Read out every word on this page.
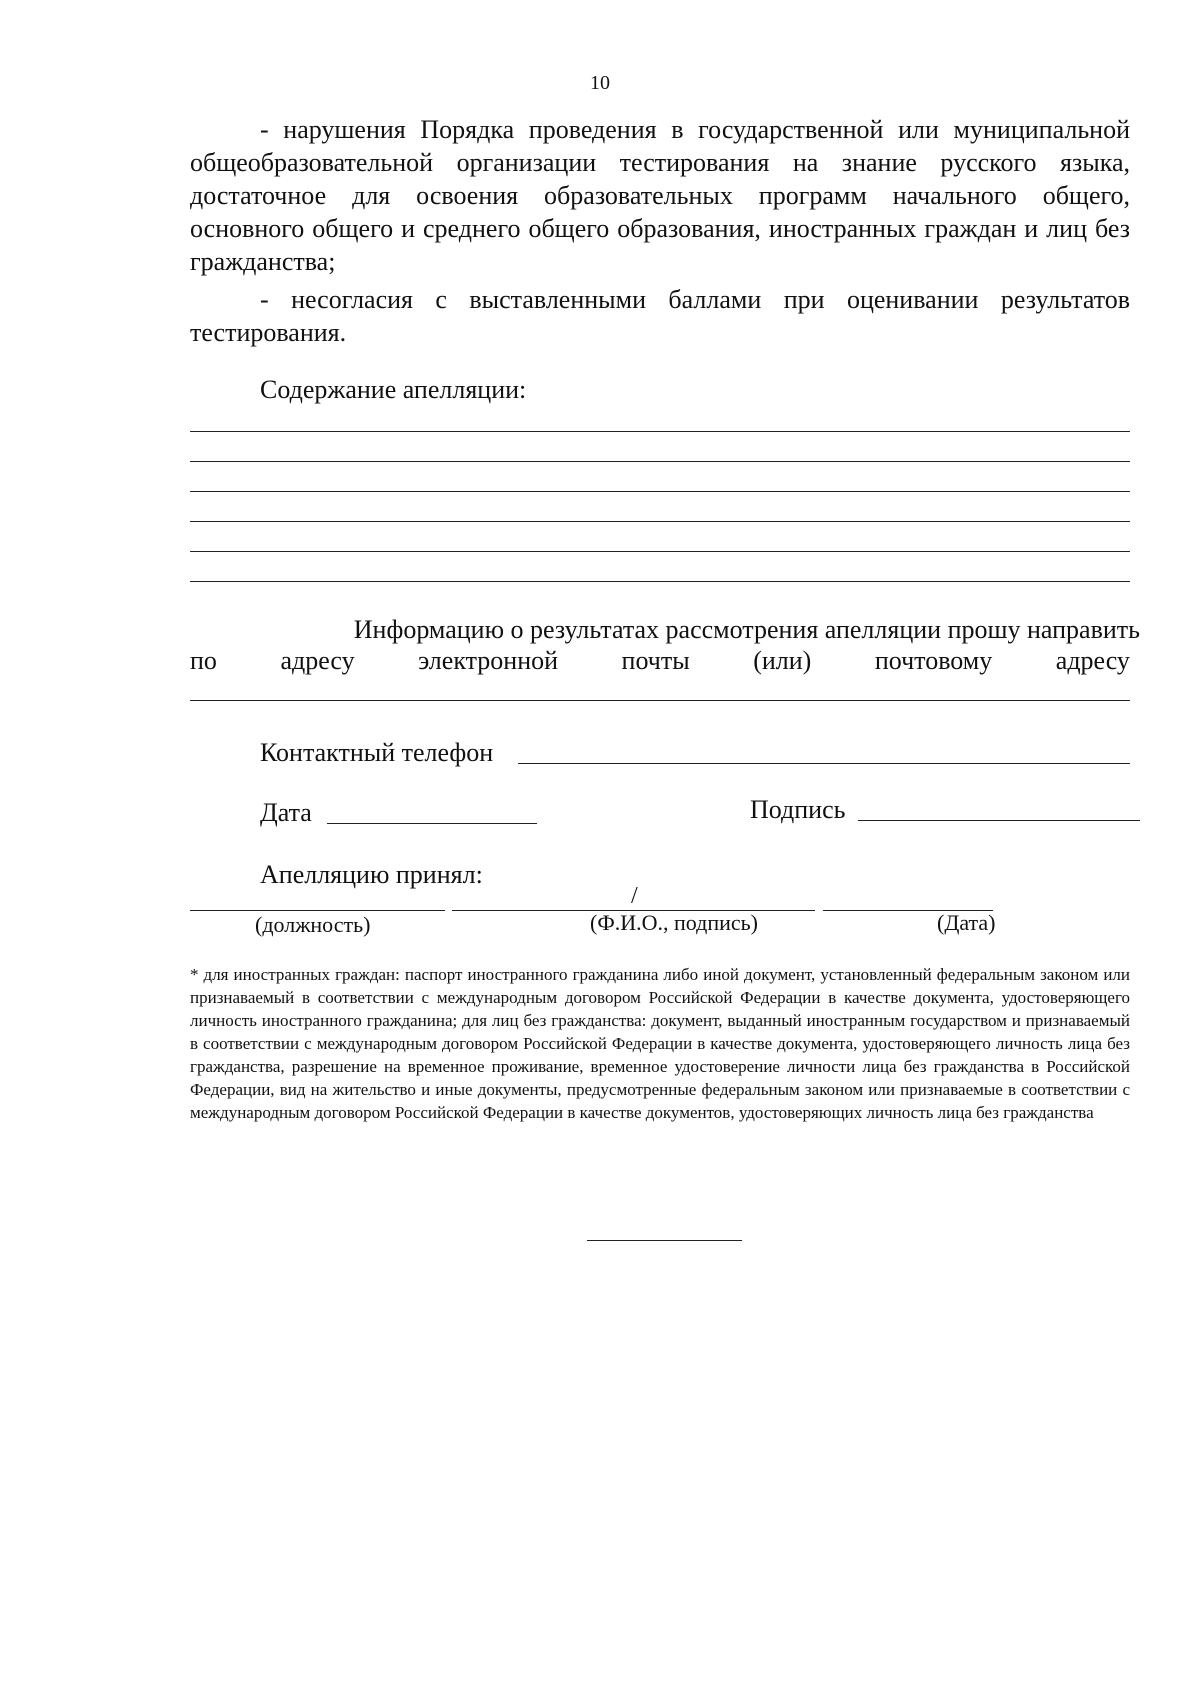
10

- нарушения Порядка проведения в государственной или муниципальной общеобразовательной организации тестирования на знание русского языка, достаточное для освоения образовательных программ начального общего, основного общего и среднего общего образования, иностранных граждан и лиц без гражданства;

- несогласия с выставленными баллами при оценивании результатов тестирования.

Содержание апелляции:
Информацию о результатах рассмотрения апелляции прошу направить
по адресу электронной почты (или) почтовому адресу
Контактный телефон
Дата	Подпись
Апелляцию принял:
/
(должность)	(Ф.И.О., подпись)	(Дата)

* для иностранных граждан: паспорт иностранного гражданина либо иной документ, установленный федеральным законом или признаваемый в соответствии с международным договором Российской Федерации в качестве документа, удостоверяющего личность иностранного гражданина; для лиц без гражданства: документ, выданный иностранным государством и признаваемый в соответствии с международным договором Российской Федерации в качестве документа, удостоверяющего личность лица без гражданства, разрешение на временное проживание, временное удостоверение личности лица без гражданства в Российской Федерации, вид на жительство и иные документы, предусмотренные федеральным законом или признаваемые в соответствии с международным договором Российской Федерации в качестве документов, удостоверяющих личность лица без гражданства
